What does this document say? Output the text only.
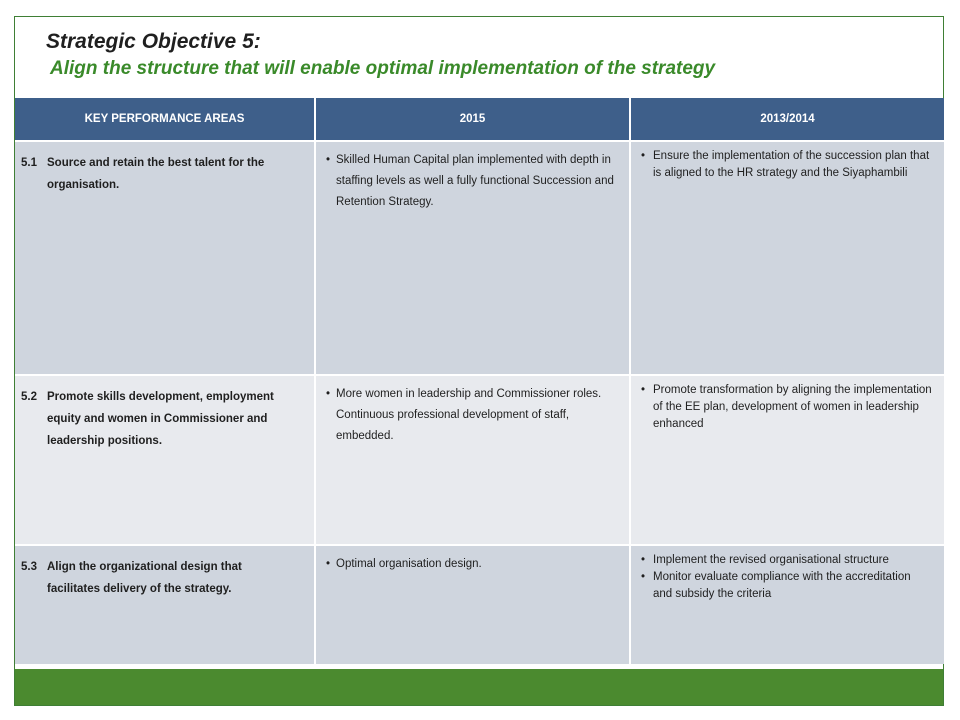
Strategic Objective 5:
Align the structure that will enable optimal implementation of the strategy
KEY PERFORMANCE AREAS	2015	2013/2014

5.1 Source and retain the best talent for the
organisation.	• Skilled Human Capital plan implemented with depth in staffing levels as well a fully functional Succession and Retention Strategy.	• Ensure the implementation of the succession plan that is aligned to the HR strategy and the Siyaphambili

5.2 Promote skills development, employment
equity and women in Commissioner and leadership positions.	• More women in leadership and Commissioner roles. Continuous professional development of staff, embedded.	• Promote transformation by aligning the implementation of the EE plan, development of women in leadership enhanced

5.3 Align the organizational design that
facilitates delivery of the strategy.	• Optimal organisation design.	• Implement the revised organisational structure
• Monitor evaluate compliance with the accreditation and subsidy the criteria
